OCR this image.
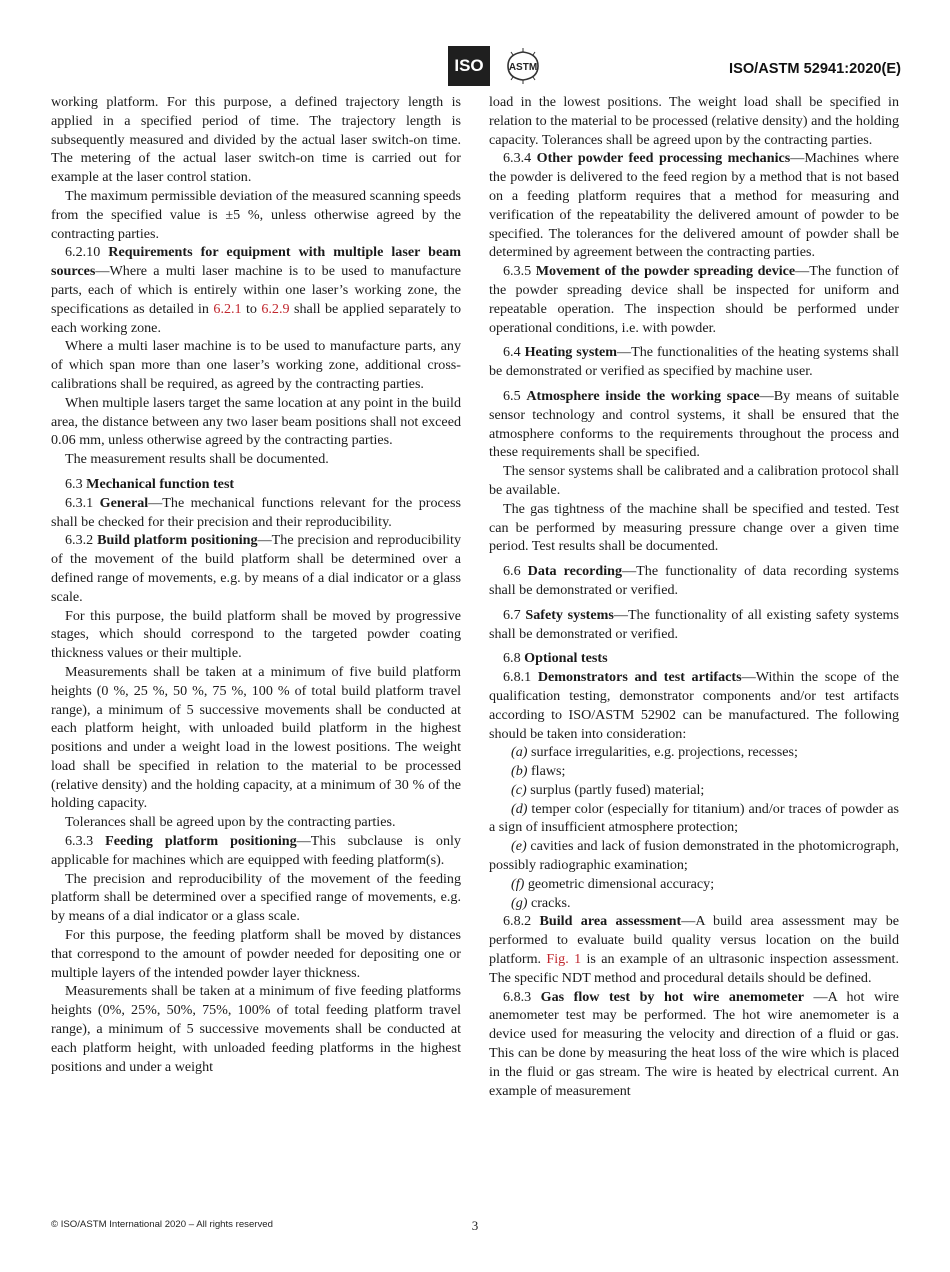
ISO	ASTM	ISO/ASTM 52941:2020(E)

working platform. For this purpose, a defined trajectory length is applied in a specified period of time. The trajectory length is subsequently measured and divided by the actual laser switch-on time. The metering of the actual laser switch-on time is carried out for example at the laser control station.

The maximum permissible deviation of the measured scanning speeds from the specified value is ±5 %, unless otherwise agreed by the contracting parties.

6.2.10 Requirements for equipment with multiple laser beam sources—Where a multi laser machine is to be used to manufacture parts, each of which is entirely within one laser’s working zone, the specifications as detailed in 6.2.1 to 6.2.9 shall be applied separately to each working zone.

Where a multi laser machine is to be used to manufacture parts, any of which span more than one laser’s working zone, additional cross-calibrations shall be required, as agreed by the contracting parties.

When multiple lasers target the same location at any point in the build area, the distance between any two laser beam positions shall not exceed 0.06 mm, unless otherwise agreed by the contracting parties.

The measurement results shall be documented.

6.3 Mechanical function test

6.3.1 General—The mechanical functions relevant for the process shall be checked for their precision and their reproducibility.

6.3.2 Build platform positioning—The precision and reproducibility of the movement of the build platform shall be determined over a defined range of movements, e.g. by means of a dial indicator or a glass scale.

For this purpose, the build platform shall be moved by progressive stages, which should correspond to the targeted powder coating thickness values or their multiple.

Measurements shall be taken at a minimum of five build platform heights (0 %, 25 %, 50 %, 75 %, 100 % of total build platform travel range), a minimum of 5 successive movements shall be conducted at each platform height, with unloaded build platform in the highest positions and under a weight load in the lowest positions. The weight load shall be specified in relation to the material to be processed (relative density) and the holding capacity, at a minimum of 30 % of the holding capacity.

Tolerances shall be agreed upon by the contracting parties.

6.3.3 Feeding platform positioning—This subclause is only applicable for machines which are equipped with feeding platform(s).

The precision and reproducibility of the movement of the feeding platform shall be determined over a specified range of movements, e.g. by means of a dial indicator or a glass scale.

For this purpose, the feeding platform shall be moved by distances that correspond to the amount of powder needed for depositing one or multiple layers of the intended powder layer thickness.

Measurements shall be taken at a minimum of five feeding platforms heights (0%, 25%, 50%, 75%, 100% of total feeding platform travel range), a minimum of 5 successive movements shall be conducted at each platform height, with unloaded feeding platforms in the highest positions and under a weight

load in the lowest positions. The weight load shall be specified in relation to the material to be processed (relative density) and the holding capacity. Tolerances shall be agreed upon by the contracting parties.

6.3.4 Other powder feed processing mechanics—Machines where the powder is delivered to the feed region by a method that is not based on a feeding platform requires that a method for measuring and verification of the repeatability the delivered amount of powder to be specified. The tolerances for the delivered amount of powder shall be determined by agreement between the contracting parties.

6.3.5 Movement of the powder spreading device—The function of the powder spreading device shall be inspected for uniform and repeatable operation. The inspection should be performed under operational conditions, i.e. with powder.

6.4 Heating system—The functionalities of the heating systems shall be demonstrated or verified as specified by machine user.

6.5 Atmosphere inside the working space—By means of suitable sensor technology and control systems, it shall be ensured that the atmosphere conforms to the requirements throughout the process and these requirements shall be specified.

The sensor systems shall be calibrated and a calibration protocol shall be available.

The gas tightness of the machine shall be specified and tested. Test can be performed by measuring pressure change over a given time period. Test results shall be documented.

6.6 Data recording—The functionality of data recording systems shall be demonstrated or verified.

6.7 Safety systems—The functionality of all existing safety systems shall be demonstrated or verified.

6.8 Optional tests

6.8.1 Demonstrators and test artifacts—Within the scope of the qualification testing, demonstrator components and/or test artifacts according to ISO/ASTM 52902 can be manufactured. The following should be taken into consideration:

(a) surface irregularities, e.g. projections, recesses;

(b) flaws;

(c) surplus (partly fused) material;

(d) temper color (especially for titanium) and/or traces of powder as a sign of insufficient atmosphere protection;

(e) cavities and lack of fusion demonstrated in the photomicrograph, possibly radiographic examination;

(f) geometric dimensional accuracy;

(g) cracks.

6.8.2 Build area assessment—A build area assessment may be performed to evaluate build quality versus location on the build platform. Fig. 1 is an example of an ultrasonic inspection assessment. The specific NDT method and procedural details should be defined.

6.8.3 Gas flow test by hot wire anemometer —A hot wire anemometer test may be performed. The hot wire anemometer is a device used for measuring the velocity and direction of a fluid or gas. This can be done by measuring the heat loss of the wire which is placed in the fluid or gas stream. The wire is heated by electrical current. An example of measurement

© ISO/ASTM International 2020 – All rights reserved	3
